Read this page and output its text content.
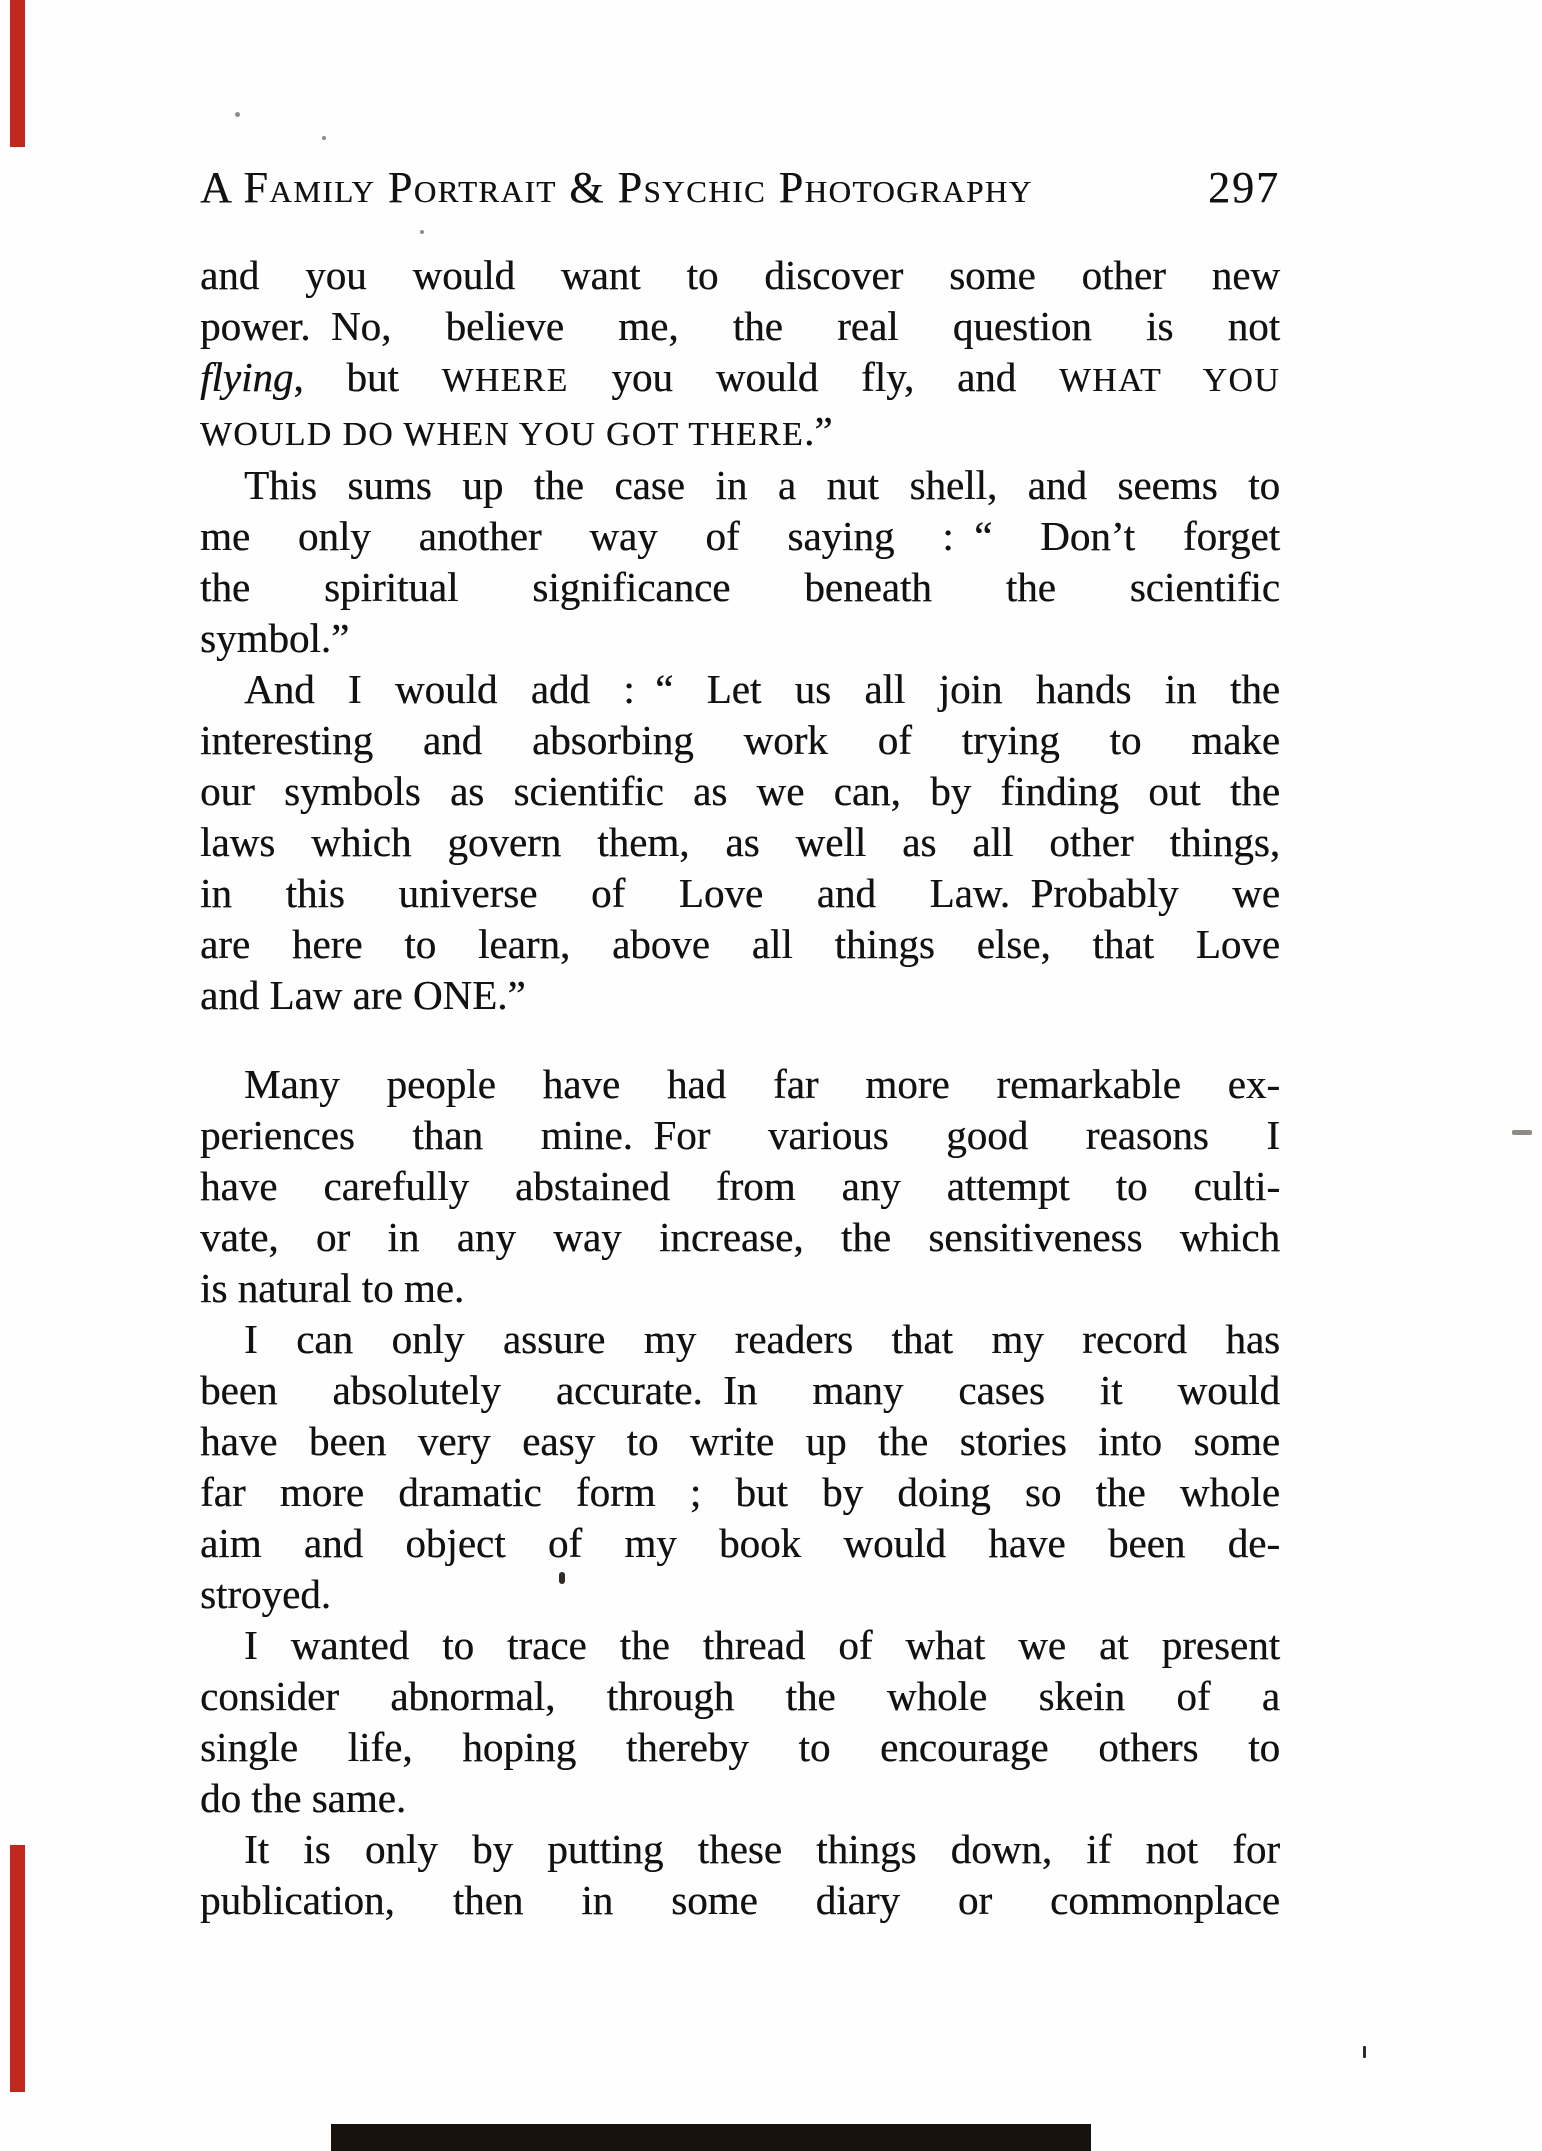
A Family Portrait & Psychic Photography	297
and you would want to discover some other new
power. No, believe me, the real question is not
flying, but WHERE you would fly, and WHAT YOU
WOULD DO WHEN YOU GOT THERE.”
This sums up the case in a nut shell, and seems to
me only another way of saying : “ Don’t forget
the spiritual significance beneath the scientific
symbol.”
And I would add : “ Let us all join hands in the
interesting and absorbing work of trying to make
our symbols as scientific as we can, by finding out the
laws which govern them, as well as all other things,
in this universe of Love and Law. Probably we
are here to learn, above all things else, that Love
and Law are ONE.”
Many people have had far more remarkable ex-
periences than mine. For various good reasons I
have carefully abstained from any attempt to culti-
vate, or in any way increase, the sensitiveness which
is natural to me.
I can only assure my readers that my record has
been absolutely accurate. In many cases it would
have been very easy to write up the stories into some
far more dramatic form ; but by doing so the whole
aim and object of my book would have been de-
stroyed.
I wanted to trace the thread of what we at present
consider abnormal, through the whole skein of a
single life, hoping thereby to encourage others to
do the same.
It is only by putting these things down, if not for
publication, then in some diary or commonplace
